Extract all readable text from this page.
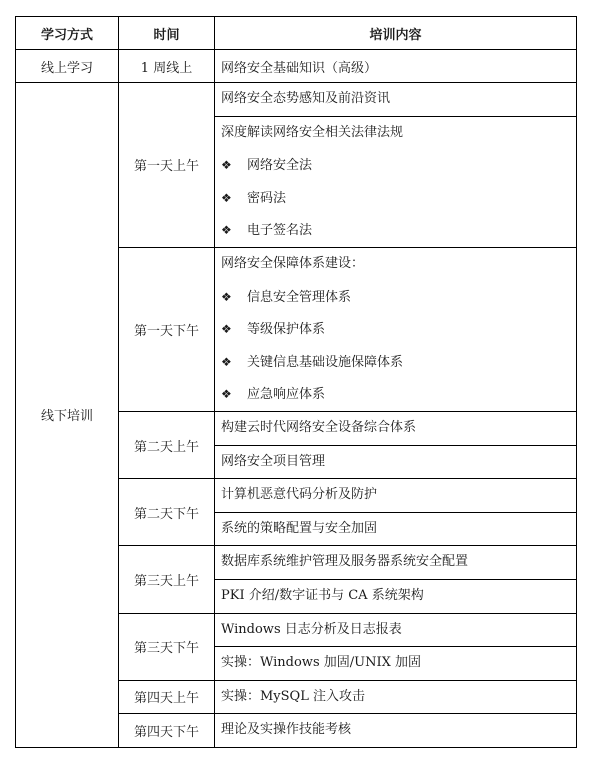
学习方式	时间	培训内容
线上学习	1 周线上	网络安全基础知识（高级）
线下培训	第一天上午	网络安全态势感知及前沿资讯

		深度解读网络安全相关法律法规
❖ 网络安全法
❖ 密码法
❖ 电子签名法

	第一天下午	网络安全保障体系建设：
❖ 信息安全管理体系
❖ 等级保护体系
❖ 关键信息基础设施保障体系
❖ 应急响应体系

	第二天上午	构建云时代网络安全设备综合体系

		网络安全项目管理

	第二天下午	计算机恶意代码分析及防护

		系统的策略配置与安全加固

	第三天上午	数据库系统维护管理及服务器系统安全配置

		PKI 介绍/数字证书与 CA 系统架构

	第三天下午	Windows 日志分析及日志报表

		实操：Windows 加固/UNIX 加固

	第四天上午	实操：MySQL 注入攻击

	第四天下午	理论及实操作技能考核
